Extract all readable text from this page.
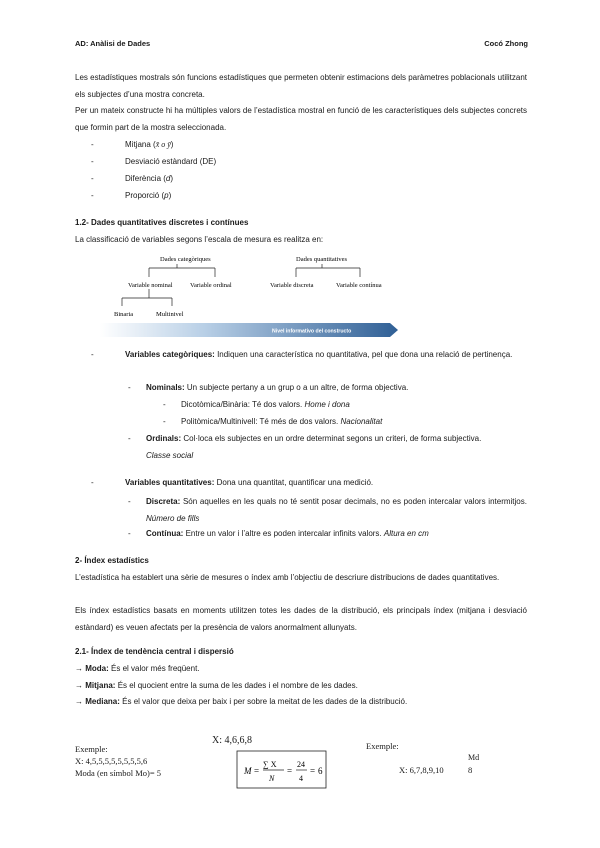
AD: Anàlisi de Dades	Cocó Zhong

Les estadístiques mostrals són funcions estadístiques que permeten obtenir estimacions dels paràmetres poblacionals utilitzant els subjectes d’una mostra concreta.

Per un mateix constructe hi ha múltiples valors de l’estadística mostral en funció de les característiques dels subjectes concrets que formin part de la mostra seleccionada.

-	Mitjana (x̄ o ȳ)
-	Desviació estàndard (DE)
-	Diferència (d)
-	Proporció (p)
1.2- Dades quantitatives discretes i contínues
La classificació de variables segons l’escala de mesura es realitza en:
Dades categòriques	Dades quantitatives
Variable nominal	Variable ordinal	Variable discreta	Variable contínua
Binaria	Multinivel
Nivel informativo del constructo
-	Variables categòriques: Indiquen una característica no quantitativa, pel que dona una relació de pertinença.
- Nominals: Un subjecte pertany a un grup o a un altre, de forma objectiva.
- Dicotòmica/Binària: Té dos valors. Home i dona
- Politòmica/Multinivell: Té més de dos valors. Nacionalitat
- Ordinals: Col·loca els subjectes en un ordre determinat segons un criteri, de forma subjectiva.
Classe social
-	Variables quantitatives: Dona una quantitat, quantificar una medició.
- Discreta: Són aquelles en les quals no té sentit posar decimals, no es poden intercalar valors intermitjos. Número de fills
- Contínua: Entre un valor i l’altre es poden intercalar infinits valors. Altura en cm
2- Índex estadístics

L’estadística ha establert una sèrie de mesures o índex amb l’objectiu de descriure distribucions de dades quantitatives.

Els índex estadístics basats en moments utilitzen totes les dades de la distribució, els principals índex (mitjana i desviació estàndard) es veuen afectats per la presència de valors anormalment allunyats.

2.1- Índex de tendència central i dispersió
→ Moda: És el valor més freqüent.
→ Mitjana: És el quocient entre la suma de les dades i el nombre de les dades.
→ Mediana: És el valor que deixa per baix i per sobre la meitat de les dades de la distribució.
Exemple:
X: 4,5,5,5,5,5,5,5,5,6
Moda (en símbol Mo)= 5
X: 4,6,6,8
M =
∑ X
N
=
24
4
= 6
Exemple:
Md
X: 6,7,8,9,10	8
